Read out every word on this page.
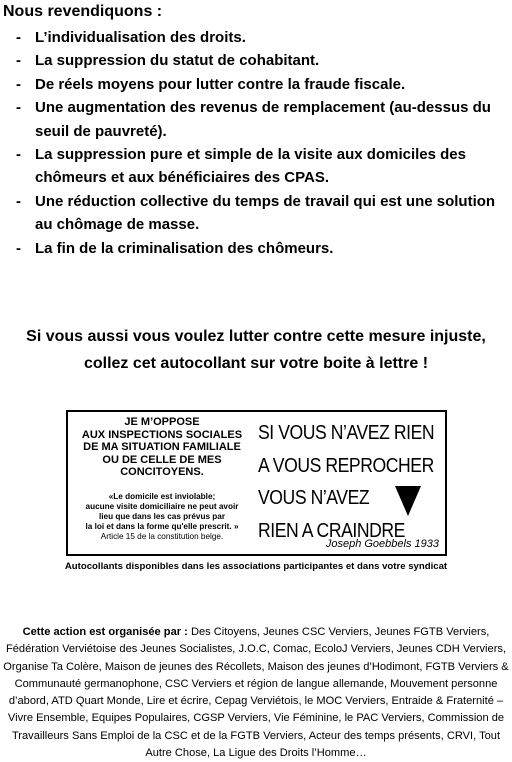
Nous revendiquons :
- L’individualisation des droits.
- La suppression du statut de cohabitant.
- De réels moyens pour lutter contre la fraude fiscale.
- Une augmentation des revenus de remplacement (au-dessus du seuil de pauvreté).
- La suppression pure et simple de la visite aux domiciles des chômeurs et aux bénéficiaires des CPAS.
- Une réduction collective du temps de travail qui est une solution au chômage de masse.
- La fin de la criminalisation des chômeurs.
Si vous aussi vous voulez lutter contre cette mesure injuste,
collez cet autocollant sur votre boite à lettre !
JE M’OPPOSE
AUX INSPECTIONS SOCIALES
DE MA SITUATION FAMILIALE
OU DE CELLE DE MES
CONCITOYENS.
«Le domicile est inviolable;
aucune visite domiciliaire ne peut avoir
lieu que dans les cas prévus par
la loi et dans la forme qu'elle prescrit. »
Article 15 de la constitution belge.
SI VOUS N’AVEZ RIEN
A VOUS REPROCHER
VOUS N’AVEZ
RIEN A CRAINDRE
Joseph Goebbels 1933
Autocollants disponibles dans les associations participantes et dans votre syndicat

Cette action est organisée par : Des Citoyens, Jeunes CSC Verviers, Jeunes FGTB Verviers, Fédération Verviétoise des Jeunes Socialistes, J.O.C, Comac, EcoloJ Verviers, Jeunes CDH Verviers, Organise Ta Colère, Maison de jeunes des Récollets, Maison des jeunes d’Hodimont, FGTB Verviers & Communauté germanophone, CSC Verviers et région de langue allemande, Mouvement personne d’abord, ATD Quart Monde, Lire et écrire, Cepag Verviétois, le MOC Verviers, Entraide & Fraternité – Vivre Ensemble, Equipes Populaires, CGSP Verviers, Vie Féminine, le PAC Verviers, Commission de Travailleurs Sans Emploi de la CSC et de la FGTB Verviers, Acteur des temps présents, CRVI, Tout Autre Chose, La Ligue des Droits l’Homme…
